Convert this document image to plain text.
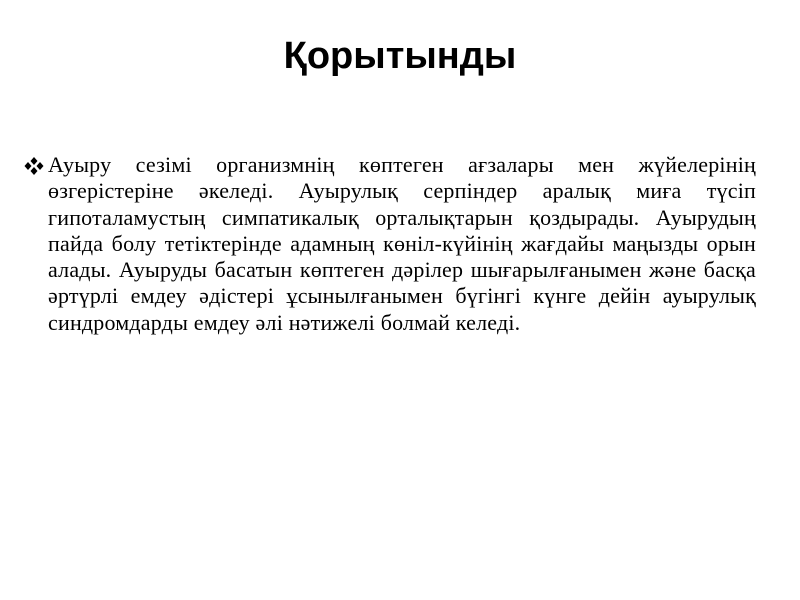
Қорытынды
Ауыру сезімі организмнің көптеген ағзалары мен жүйелерінің өзгерістеріне әкеледі. Ауырулық серпіндер аралық миға түсіп гипоталамустың симпатикалық орталықтарын қоздырады. Ауырудың пайда болу тетіктерінде адамның көніл-күйінің жағдайы маңызды орын алады. Ауыруды басатын көптеген дәрілер шығарылғанымен және басқа әртүрлі емдеу әдістері ұсынылғанымен бүгінгі күнге дейін ауырулық синдромдарды емдеу әлі нәтижелі болмай келеді.
